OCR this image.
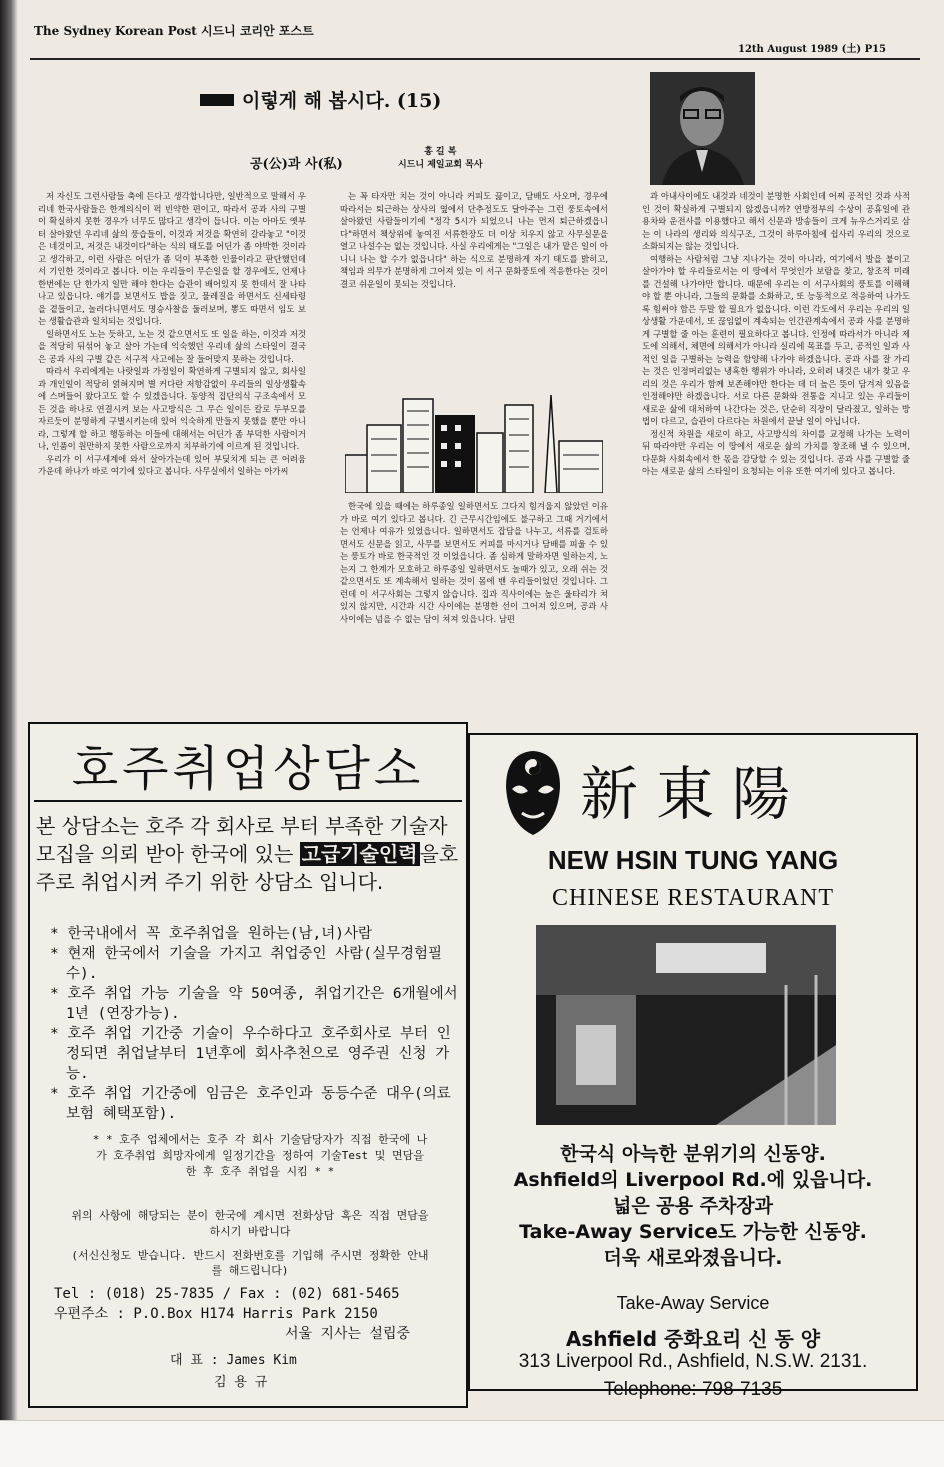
The Sydney Korean Post 시드니 코리안 포스트
12th August 1989 (土) P15
이렇게 해 봅시다. (15)
공(公)과 사(私)
홍 길 복
시드니 제일교회 목사

저 자신도 그런사람들 축에 든다고 생각합니다만, 일반적으로 말해서 우리네 한국사람들은 한계의식이 퍽 빈약한 편이고, 따라서 공과 사의 구별이 확실하지 못한 경우가 너무도 많다고 생각이 듭니다. 이는 아마도 옛부터 살아왔던 우리네 삶의 풍습들이, 이것과 저것을 확연히 갈라놓고 "이것은 네것이고, 저것은 내것이다"하는 식의 태도를 어딘가 좀 야박한 것이라고 생각하고, 이런 사람은 어딘가 좀 덕이 부족한 인물이라고 판단했던데서 기인한 것이라고 봅니다. 이는 우리들이 무슨일을 할 경우에도, 언제나 한번에는 단 한가지 일만 해야 한다는 습관이 배어있지 못 한데서 잘 나타나고 있읍니다. 얘기를 보면서도 밥을 짓고, 물레질을 하면서도 신세타령을 곁들이고, 놀러다니면서도 명승사찰을 둘러보며, 뽕도 따면서 임도 보는 생활습관과 일치되는 것입니다.

일하면서도 노는 듯하고, 노는 것 같으면서도 또 일을 하는, 이것과 저것을 적당히 뒤섞어 놓고 살아 가는데 익숙했던 우리네 삶의 스타일이 결국은 공과 사의 구별 같은 서구적 사고에는 잘 들어맞지 못하는 것입니다.

따라서 우리에게는 나랏일과 가정일이 확연하게 구별되지 않고, 회사일과 개인일이 적당히 얽혀지며 별 커다란 저항감없이 우리들의 일상생활속에 스며들어 왔다고도 할 수 있겠읍니다. 동양적 집단의식 구조속에서 모든 것을 하나로 연결시켜 보는 사고방식은 그 무슨 일이든 칼로 두부모를 자르듯이 분명하게 구별시키는데 있어 익숙하게 만들지 못했을 뿐만 아니라, 그렇게 할 하고 행동하는 이들에 대해서는 어딘가 좀 부덕한 사람이거나, 인품이 원만하지 못한 사람으로까지 치부하기에 이르게 된 것입니다.

우리가 이 서구세계에 와서 살아가는데 있어 부딪치게 되는 큰 어려움 가운데 하나가 바로 여기에 있다고 봅니다. 사무실에서 일하는 아가씨

는 꼭 타자만 치는 것이 아니라 커피도 끓이고, 담배도 사오며, 경우에 따라서는 퇴근하는 상사의 옆에서 단추정도도 달아주는 그런 풍토속에서 살아왔던 사람들이기에 "정각 5시가 되었으니 나는 먼저 퇴근하겠읍니다"하면서 책상위에 놓여진 서류한장도 더 이상 치우지 않고 사무실문을 열고 나설수는 없는 것입니다. 사실 우리에게는 "그일은 내가 맡은 일이 아니니 나는 할 수가 없읍니다" 하는 식으로 분명하게 자기 태도를 밝히고, 책임과 의무가 분명하게 그어져 있는 이 서구 문화풍토에 적응한다는 것이 결코 쉬운일이 못되는 것입니다.

한국에 있을 때에는 하루종일 일하면서도 그다지 힘겨웁지 않았던 이유가 바로 여기 있다고 봅니다. 긴 근무시간임에도 불구하고 그때 거기에서는 언제나 여유가 있었읍니다. 일하면서도 잡담을 나누고, 서류를 검토하면서도 신문을 읽고, 사무를 보면서도 커피를 마시거나 담배를 피울 수 있는 풍토가 바로 한국적인 것 이었읍니다. 좀 심하게 말하자면 일하는지, 노는지 그 한계가 모호하고 하루종일 일하면서도 놀때가 있고, 오래 쉬는 것 같으면서도 또 계속해서 일하는 것이 몸에 밴 우리들이었던 것입니다. 그런데 이 서구사회는 그렇지 않습니다. 집과 직사이에는 높은 울타리가 쳐 있지 않지만, 시간과 시간 사이에는 분명한 선이 그어져 있으며, 공과 사 사이에는 넘을 수 없는 담이 쳐져 있읍니다. 남편

과 아내사이에도 내것과 네것이 분명한 사회인데 어찌 공적인 것과 사적인 것이 확실하게 구별되지 않겠읍니까? 연방정부의 수상이 공휴일에 관용차와 운전사를 이용했다고 해서 신문과 방송들이 크게 뉴우스거리로 삼는 이 나라의 생리와 의식구조, 그것이 하루아침에 쉽사리 우리의 것으로 소화되지는 않는 것입니다.

여행하는 사람처럼 그냥 지나가는 것이 아니라, 여기에서 발을 붙이고 살아가야 할 우리들로서는 이 땅에서 무엇인가 보람을 찾고, 창조적 미래를 건설해 나가야만 합니다. 때문에 우리는 이 서구사회의 풍토를 이해해야 할 뿐 아니라, 그들의 문화를 소화하고, 또 능동적으로 적응하여 나가도록 힘써야 함은 두말 할 필요가 없읍니다. 이런 각도에서 우리는 우리의 일상생활 가운데서, 또 끊임없이 계속되는 인간관계속에서 공과 사를 분명하게 구별할 줄 아는 훈련이 필요하다고 봅니다. 인정에 따라서가 아니라 제도에 의해서, 체면에 의해서가 아니라 실리에 목표를 두고, 공적인 일과 사적인 일을 구별하는 능력을 함양해 나가야 하겠읍니다. 공과 사를 잘 가리는 것은 인정머리없는 냉혹한 행위가 아니라, 오히려 내것은 내가 찾고 우리의 것은 우리가 함께 보존해야만 한다는 데 더 높은 뜻이 담겨져 있음을 인정해야만 하겠읍니다. 서로 다른 문화와 전통을 지니고 있는 우리들이 새로운 삶에 대처하여 나간다는 것은, 단순히 직장이 달라졌고, 일하는 방법이 다르고, 습관이 다르다는 차원에서 끝날 일이 아닙니다.

정신적 차원을 새로이 하고, 사고방식의 차이를 교정해 나가는 노력이 뒤 따라야만 우리는 이 땅에서 새로운 삶의 가치를 창조해 낼 수 있으며, 다문화 사회속에서 한 몫을 감당할 수 있는 것입니다. 공과 사를 구별할 줄 아는 새로운 삶의 스타일이 요청되는 이유 또한 여기에 있다고 봅니다.

호주취업상담소
본 상담소는 호주 각 회사로 부터 부족한 기술자모집을 의뢰 받아 한국에 있는 고급기술인력 을호주로 취업시켜 주기 위한 상담소 입니다.
* 한국내에서 꼭 호주취업을 원하는(남,녀)사람
* 현재 한국에서 기술을 가지고 취업중인 사람(실무경험필수).
* 호주 취업 가능 기술을 약 50여종, 취업기간은 6개월에서 1년 (연장가능).
* 호주 취업 기간중 기술이 우수하다고 호주회사로 부터 인정되면 취업날부터 1년후에 회사추천으로 영주권 신청 가능.
* 호주 취업 기간중에 임금은 호주인과 동등수준 대우(의료보험 혜택포함).
* * 호주 업체에서는 호주 각 회사 기술담당자가 직접 한국에 나가 호주취업 희망자에게 일정기간을 정하여 기술Test 및 면담을 한 후 호주 취업을 시킴 * *
위의 사항에 해당되는 분이 한국에 계시면 전화상담 혹은 직접 면담을 하시기 바랍니다
(서신신청도 받습니다. 반드시 전화번호를 기입해 주시면 정확한 안내를 해드립니다)
Tel : (018) 25-7835 / Fax : (02) 681-5465
우편주소 : P.O.Box H174 Harris Park 2150
서울 지사는 설립중
대 표 : James Kim
김 용 규
新東陽
NEW HSIN TUNG YANG
CHINESE RESTAURANT
한국식 아늑한 분위기의 신동양.
Ashfield의 Liverpool Rd.에 있읍니다.
넓은 공용 주차장과
Take-Away Service도 가능한 신동양.
더욱 새로와졌읍니다.
Take-Away Service
Ashfield 중화요리 신 동 양
313 Liverpool Rd., Ashfield, N.S.W. 2131.
Telephone: 798-7135
